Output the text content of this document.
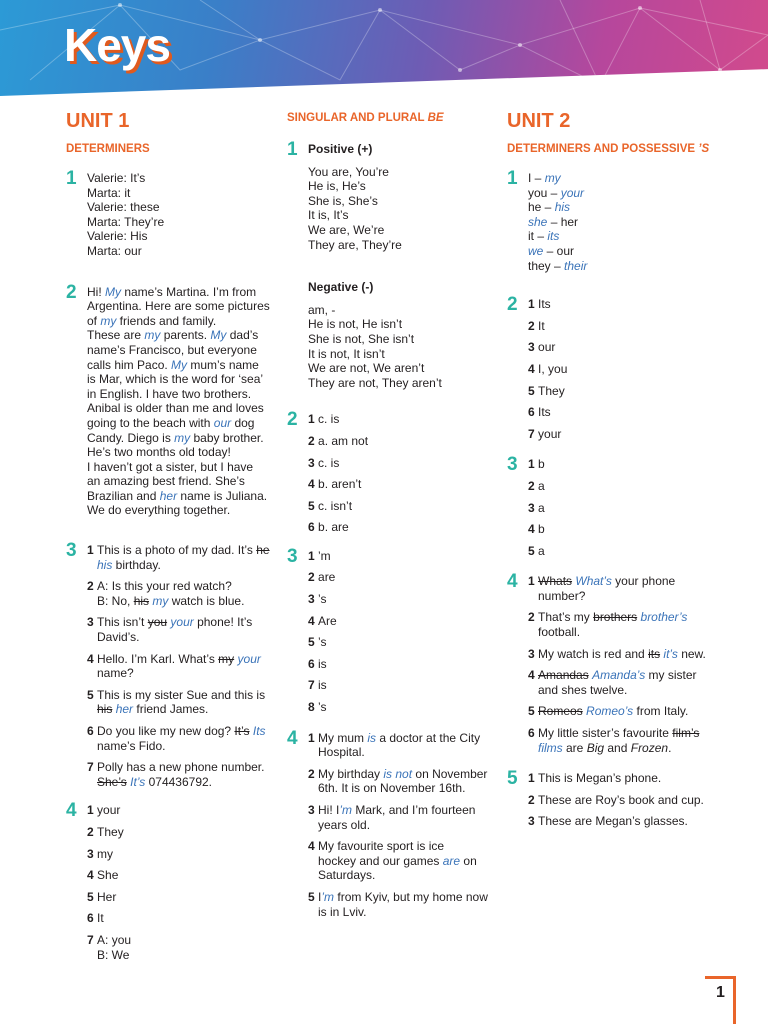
Keys
UNIT 1
DETERMINERS
1 Valerie: It’s
Marta: it
Valerie: these
Marta: They’re
Valerie: His
Marta: our
2 Hi! My name’s Martina. I’m from
Argentina. Here are some pictures
of my friends and family.
These are my parents. My dad’s
name’s Francisco, but everyone
calls him Paco. My mum’s name
is Mar, which is the word for ‘sea’
in English. I have two brothers.
Anibal is older than me and loves
going to the beach with our dog
Candy. Diego is my baby brother.
He’s two months old today!
I haven’t got a sister, but I have
an amazing best friend. She’s
Brazilian and her name is Juliana.
We do everything together.
3 1 This is a photo of my dad. It’s he
his birthday.
2 A: Is this your red watch?
B: No, his my watch is blue.
3 This isn’t you your phone! It’s
David’s.
4 Hello. I’m Karl. What’s my your
name?
5 This is my sister Sue and this is
his her friend James.
6 Do you like my new dog? It’s Its
name’s Fido.
7 Polly has a new phone number.
She’s It’s 074436792.
4 1 your
2 They
3 my
4 She
5 Her
6 It
7 A: you
B: We
SINGULAR AND PLURAL BE
1 Positive (+)
You are, You’re
He is, He’s
She is, She’s
It is, It’s
We are, We’re
They are, They’re
Negative (-)
am, -
He is not, He isn’t
She is not, She isn’t
It is not, It isn’t
We are not, We aren’t
They are not, They aren’t
2 1 c. is
2 a. am not
3 c. is
4 b. aren’t
5 c. isn’t
6 b. are
3 1 ’m
2 are
3 ’s
4 Are
5 ’s
6 is
7 is
8 ’s
4 1 My mum is a doctor at the City
Hospital.
2 My birthday is not on November
6th. It is on November 16th.
3 Hi! I’m Mark, and I’m fourteen
years old.
4 My favourite sport is ice
hockey and our games are on
Saturdays.
5 I’m from Kyiv, but my home now
is in Lviv.
UNIT 2
DETERMINERS AND POSSESSIVE ’S
1 I – my
you – your
he – his
she – her
it – its
we – our
they – their
2 1 Its
2 It
3 our
4 I, you
5 They
6 Its
7 your
3 1 b
2 a
3 a
4 b
5 a
4 1 Whats What’s your phone
number?
2 That’s my brothers brother’s
football.
3 My watch is red and its it’s new.
4 Amandas Amanda’s my sister
and shes twelve.
5 Romeos Romeo’s from Italy.
6 My little sister’s favourite film’s
films are Big and Frozen.
5 1 This is Megan’s phone.
2 These are Roy’s book and cup.
3 These are Megan’s glasses.
1
